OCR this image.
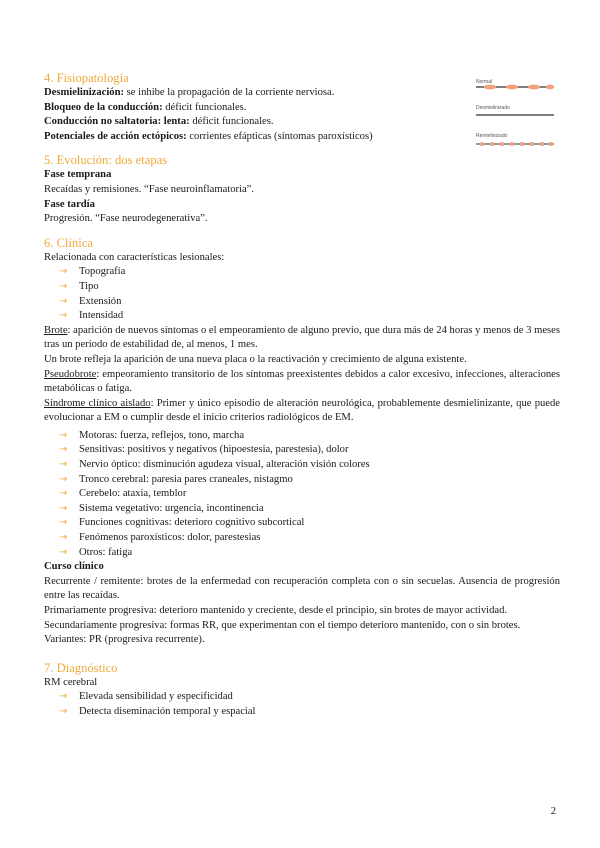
Normal
Desmielinizado
Remielinizado
4. Fisiopatología

Desmielinización: se inhibe la propagación de la corriente nerviosa.

Bloqueo de la conducción: déficit funcionales.

Conducción no saltatoria: lenta: déficit funcionales.

Potenciales de acción ectópicos: corrientes efápticas (síntomas paroxísticos)

5. Evolución: dos etapas

Fase temprana

Recaídas y remisiones. “Fase neuroinflamatoria”.

Fase tardía

Progresión. “Fase neurodegenerativa”.

6. Clínica

Relacionada con características lesionales:

→ Topografía
→ Tipo
→ Extensión
→ Intensidad

Brote: aparición de nuevos síntomas o el empeoramiento de alguno previo, que dura más de 24 horas y menos de 3 meses tras un periodo de estabilidad de, al menos, 1 mes.

Un brote refleja la aparición de una nueva placa o la reactivación y crecimiento de alguna existente.

Pseudobrote: empeoramiento transitorio de los síntomas preexistentes debidos a calor excesivo, infecciones, alteraciones metabólicas o fatiga.

Síndrome clínico aislado: Primer y único episodio de alteración neurológica, probablemente desmielinizante, que puede evolucionar a EM o cumplir desde el inicio criterios radiológicos de EM.

→ Motoras: fuerza, reflejos, tono, marcha
→ Sensitivas: positivos y negativos (hipoestesia, parestesia), dolor
→ Nervio óptico: disminución agudeza visual, alteración visión colores
→ Tronco cerebral: paresia pares craneales, nistagmo
→ Cerebelo: ataxia, temblor
→ Sistema vegetativo: urgencia, incontinencia
→ Funciones cognitivas: deterioro cognitivo subcortical
→ Fenómenos paroxísticos: dolor, parestesias
→ Otros: fatiga

Curso clínico

Recurrente / remitente: brotes de la enfermedad con recuperación completa con o sin secuelas. Ausencia de progresión entre las recaídas.

Primariamente progresiva: deterioro mantenido y creciente, desde el principio, sin brotes de mayor actividad.

Secundariamente progresiva: formas RR, que experimentan con el tiempo deterioro mantenido, con o sin brotes.

Variantes: PR (progresiva recurrente).

7. Diagnóstico

RM cerebral

→ Elevada sensibilidad y especificidad
→ Detecta diseminación temporal y espacial
2
